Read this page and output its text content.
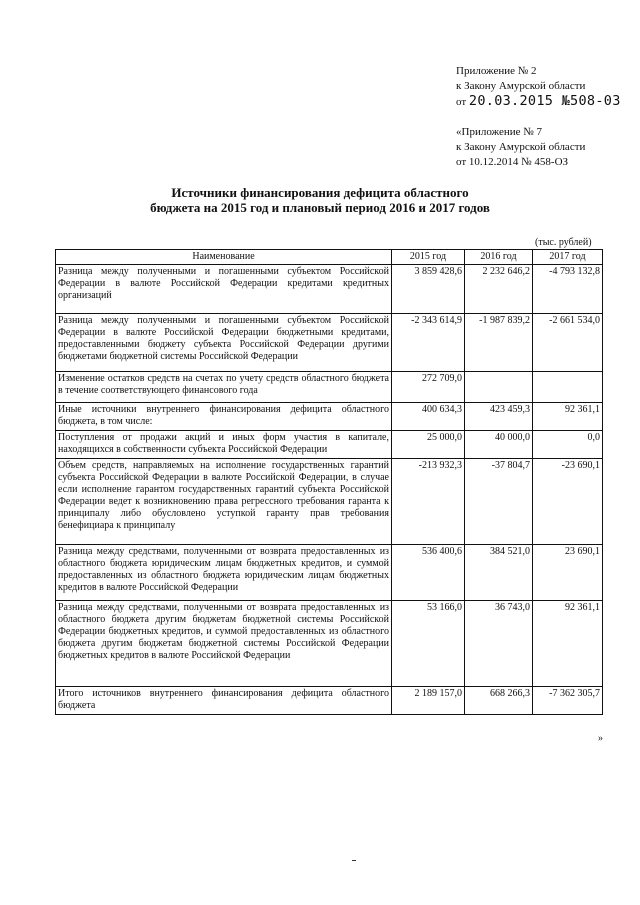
Приложение № 2
к Закону Амурской области
от 20.03.2015 №508-03
«Приложение № 7
к Закону Амурской области
от 10.12.2014 № 458-ОЗ
Источники финансирования дефицита областного
бюджета на 2015 год и плановый период 2016 и 2017 годов
(тыс. рублей)
Наименование	2015 год	2016 год	2017 год
Разница между полученными и погашенными субъектом Российской Федерации в валюте Российской Федерации кредитами кредитных организаций	3 859 428,6	2 232 646,2	-4 793 132,8
Разница между полученными и погашенными субъектом Российской Федерации в валюте Российской Федерации бюджетными кредитами, предоставленными бюджету субъекта Российской Федерации другими бюджетами бюджетной системы Российской Федерации	-2 343 614,9	-1 987 839,2	-2 661 534,0
Изменение остатков средств на счетах по учету средств областного бюджета в течение соответствующего финансового года	272 709,0		
Иные источники внутреннего финансирования дефицита областного бюджета, в том числе:	400 634,3	423 459,3	92 361,1
Поступления от продажи акций и иных форм участия в капитале, находящихся в собственности субъекта Российской Федерации	25 000,0	40 000,0	0,0
Объем средств, направляемых на исполнение государственных гарантий субъекта Российской Федерации в валюте Российской Федерации, в случае если исполнение гарантом государственных гарантий субъекта Российской Федерации ведет к возникновению права регрессного требования гаранта к принципалу либо обусловлено уступкой гаранту прав требования бенефициара к принципалу	-213 932,3	-37 804,7	-23 690,1
Разница между средствами, полученными от возврата предоставленных из областного бюджета юридическим лицам бюджетных кредитов, и суммой предоставленных из областного бюджета юридическим лицам бюджетных кредитов в валюте Российской Федерации	536 400,6	384 521,0	23 690,1
Разница между средствами, полученными от возврата предоставленных из областного бюджета другим бюджетам бюджетной системы Российской Федерации бюджетных кредитов, и суммой предоставленных из областного бюджета другим бюджетам бюджетной системы Российской Федерации бюджетных кредитов в валюте Российской Федерации	53 166,0	36 743,0	92 361,1
Итого источников внутреннего финансирования дефицита областного бюджета	2 189 157,0	668 266,3	-7 362 305,7
»
